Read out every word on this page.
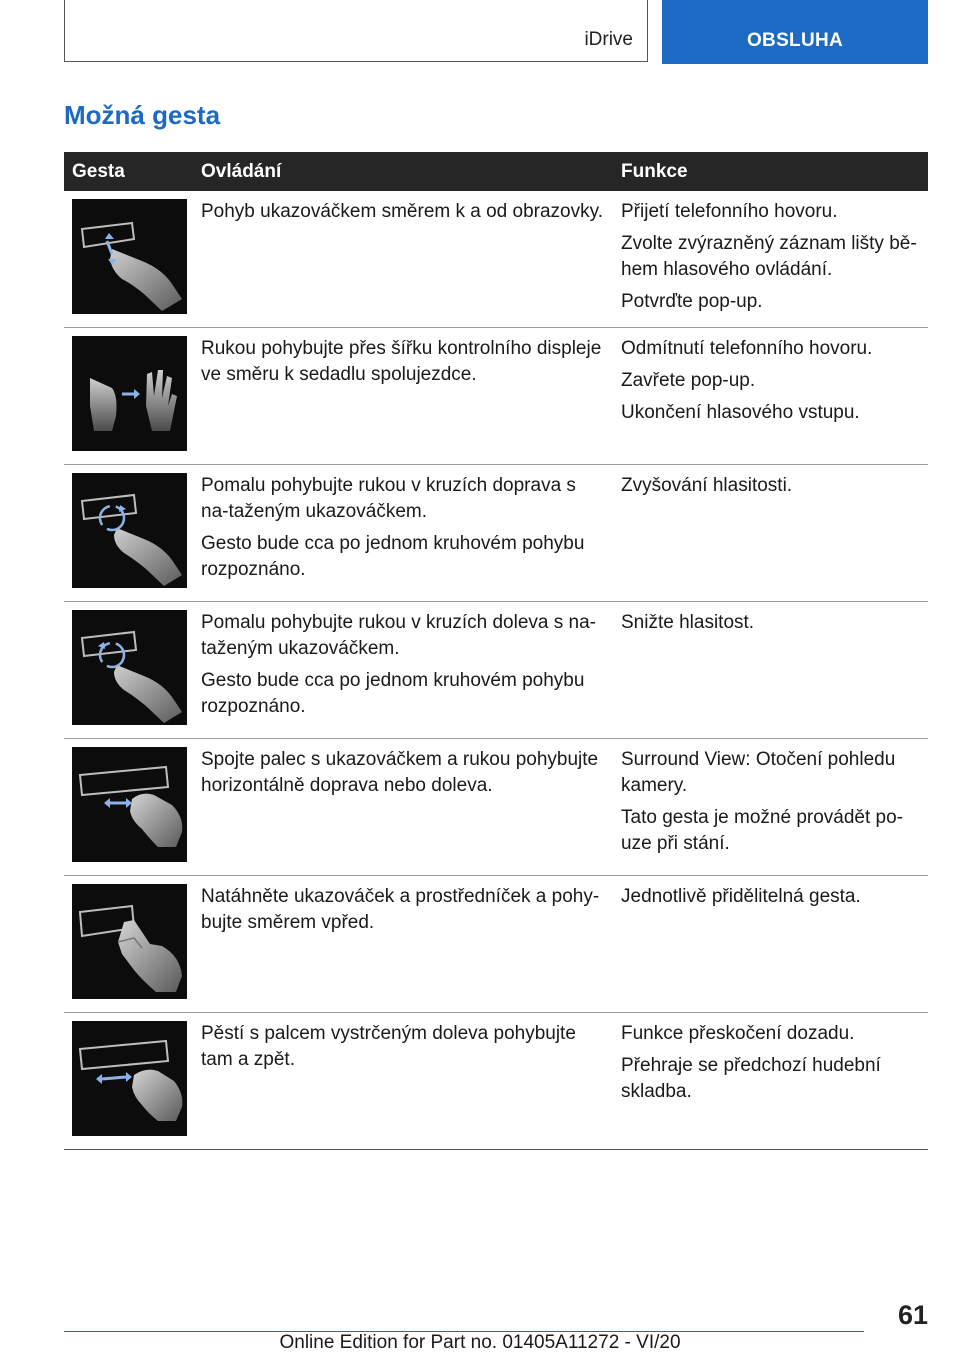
iDrive	OBSLUHA
Možná gesta
Gesta	Ovládání	Funkce

Pohyb ukazováčkem směrem k a od obrazovky.	Přijetí telefonního hovoru.
Zvolte zvýrazněný záznam lišty bě-hem hlasového ovládání.
Potvrďte pop-up.

Rukou pohybujte přes šířku kontrolního displeje ve směru k sedadlu spolujezdce.	Odmítnutí telefonního hovoru.
Zavřete pop-up.
Ukončení hlasového vstupu.

Pomalu pohybujte rukou v kruzích doprava s na-taženým ukazováčkem.
Gesto bude cca po jednom kruhovém pohybu rozpoznáno.	Zvyšování hlasitosti.

Pomalu pohybujte rukou v kruzích doleva s na-taženým ukazováčkem.
Gesto bude cca po jednom kruhovém pohybu rozpoznáno.	Snižte hlasitost.

Spojte palec s ukazováčkem a rukou pohybujte horizontálně doprava nebo doleva.	Surround View: Otočení pohledu kamery.
Tato gesta je možné provádět po-uze při stání.

Natáhněte ukazováček a prostředníček a pohy-bujte směrem vpřed.	Jednotlivě přidělitelná gesta.

Pěstí s palcem vystrčeným doleva pohybujte tam a zpět.	Funkce přeskočení dozadu.
Přehraje se předchozí hudební skladba.
61
Online Edition for Part no. 01405A11272 - VI/20
